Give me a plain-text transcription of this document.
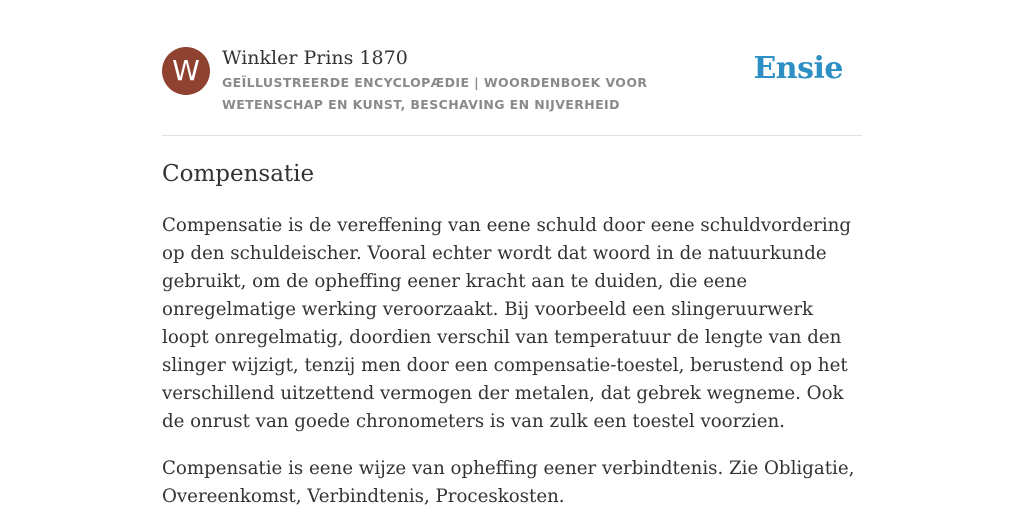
W	Winkler Prins 1870
GEÏLLUSTREERDE ENCYCLOPÆDIE | WOORDENBOEK VOOR WETENSCHAP EN KUNST, BESCHAVING EN NIJVERHEID
Ensie
Compensatie

Compensatie is de vereffening van eene schuld door eene schuldvordering op den schuldeischer. Vooral echter wordt dat woord in de natuurkunde gebruikt, om de opheffing eener kracht aan te duiden, die eene onregelmatige werking veroorzaakt. Bij voorbeeld een slingeruurwerk loopt onregelmatig, doordien verschil van temperatuur de lengte van den slinger wijzigt, tenzij men door een compensatie-toestel, berustend op het verschillend uitzettend vermogen der metalen, dat gebrek wegneme. Ook de onrust van goede chronometers is van zulk een toestel voorzien.

Compensatie is eene wijze van opheffing eener verbindtenis. Zie Obligatie, Overeenkomst, Verbindtenis, Proceskosten.
